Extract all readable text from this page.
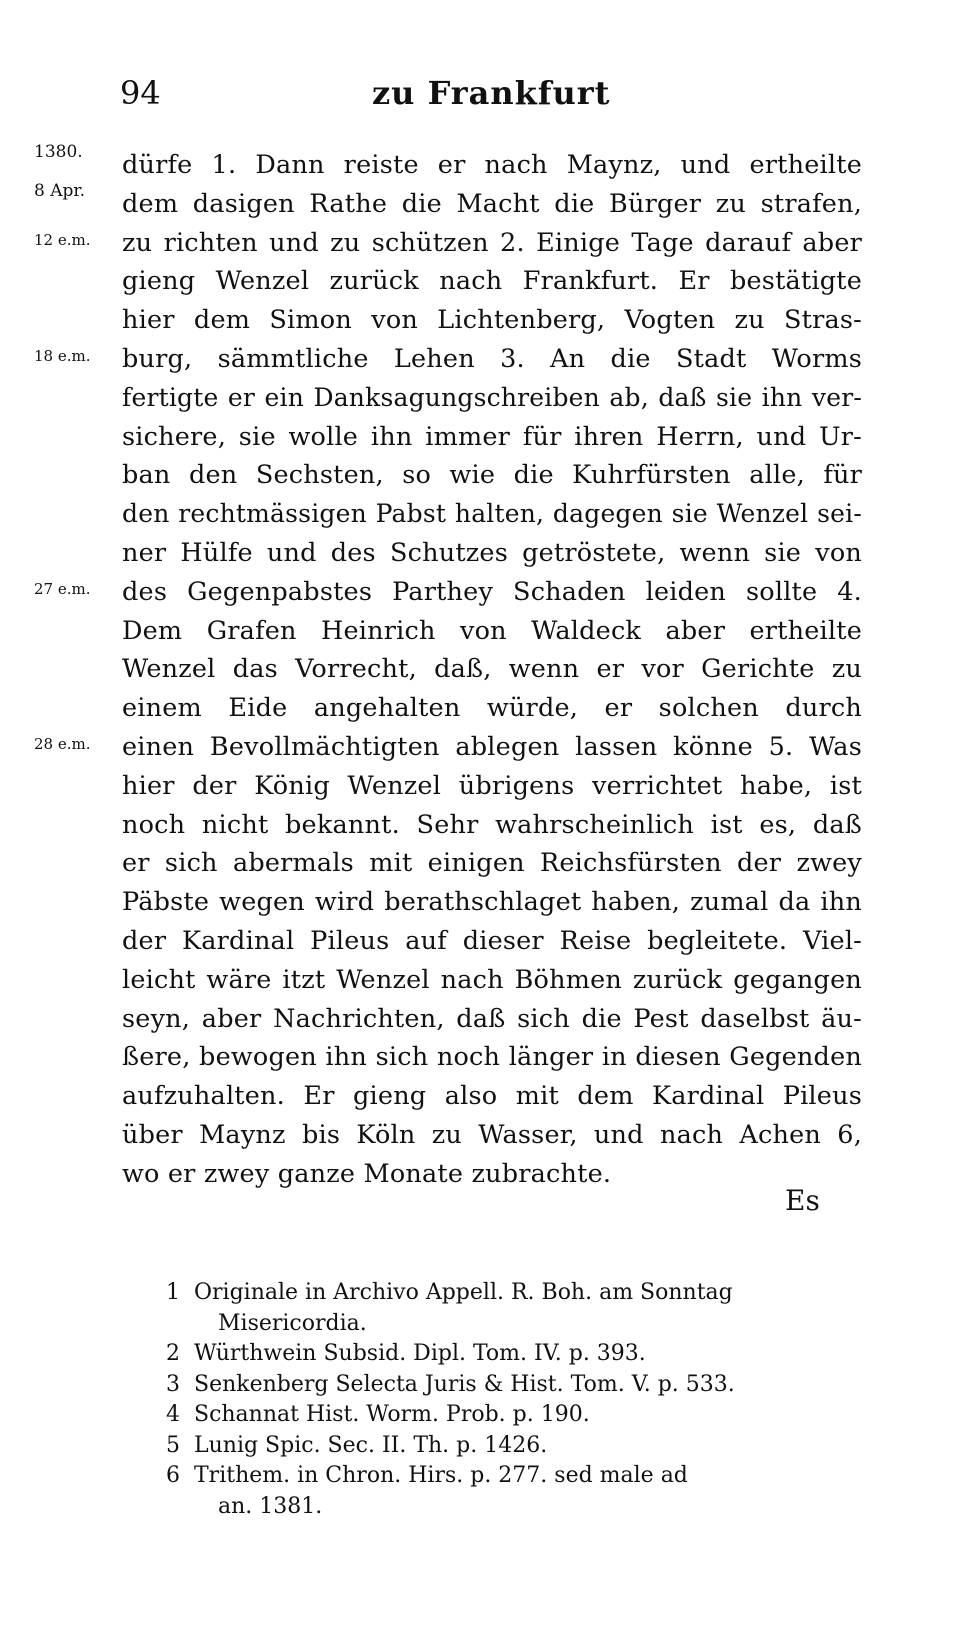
94	zu Frankfurt
1380.	dürfe 1. Dann reiste er nach Maynz, und ertheilte
8 Apr.	dem dasigen Rathe die Macht die Bürger zu strafen,
12 e.m.	zu richten und zu schützen 2. Einige Tage darauf aber
gieng Wenzel zurück nach Frankfurt. Er bestätigte
hier dem Simon von Lichtenberg, Vogten zu Stras-
18 e.m.	burg, sämmtliche Lehen 3. An die Stadt Worms
fertigte er ein Danksagungschreiben ab, daß sie ihn ver-
sichere, sie wolle ihn immer für ihren Herrn, und Ur-
ban den Sechsten, so wie die Kuhrfürsten alle, für
den rechtmässigen Pabst halten, dagegen sie Wenzel sei-
ner Hülfe und des Schutzes getröstete, wenn sie von
27 e.m.	des Gegenpabstes Parthey Schaden leiden sollte 4.
Dem Grafen Heinrich von Waldeck aber ertheilte
Wenzel das Vorrecht, daß, wenn er vor Gerichte zu
einem Eide angehalten würde, er solchen durch
28 e.m.	einen Bevollmächtigten ablegen lassen könne 5. Was
hier der König Wenzel übrigens verrichtet habe, ist
noch nicht bekannt. Sehr wahrscheinlich ist es, daß
er sich abermals mit einigen Reichsfürsten der zwey
Päbste wegen wird berathschlaget haben, zumal da ihn
der Kardinal Pileus auf dieser Reise begleitete. Viel-
leicht wäre itzt Wenzel nach Böhmen zurück gegangen
seyn, aber Nachrichten, daß sich die Pest daselbst äu-
ßere, bewogen ihn sich noch länger in diesen Gegenden
aufzuhalten. Er gieng also mit dem Kardinal Pileus
über Maynz bis Köln zu Wasser, und nach Achen 6,
wo er zwey ganze Monate zubrachte.
Es
1 Originale in Archivo Appell. R. Boh. am Sonntag
Misericordia.
2 Würthwein Subsid. Dipl. Tom. IV. p. 393.
3 Senkenberg Selecta Juris & Hist. Tom. V. p. 533.
4 Schannat Hist. Worm. Prob. p. 190.
5 Lunig Spic. Sec. II. Th. p. 1426.
6 Trithem. in Chron. Hirs. p. 277. sed male ad
an. 1381.
